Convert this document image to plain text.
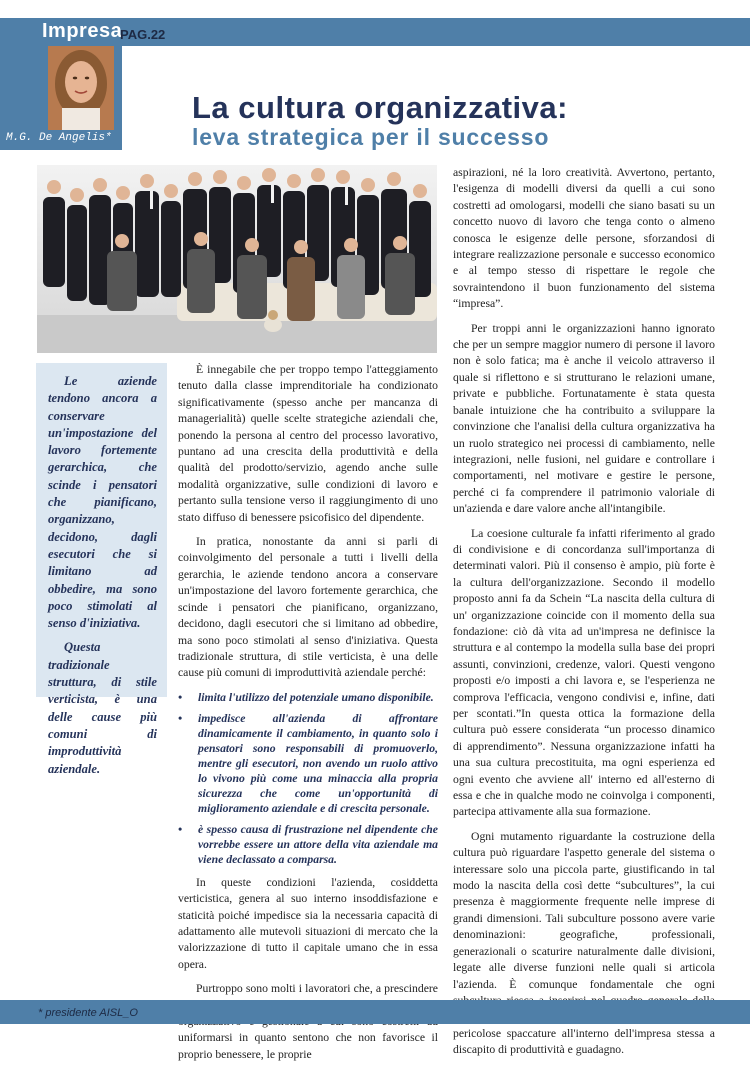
Impresa
PAG.22
M.G. De Angelis*
La cultura organizzativa:
leva strategica per il successo

Le aziende tendono ancora a conservare un'impostazione del lavoro fortemente gerarchica, che scinde i pensatori che pianificano, organizzano, decidono, dagli esecutori che si limitano ad obbedire, ma sono poco stimolati al senso d'iniziativa.

Questa tradizionale struttura, di stile verticista, è una delle cause più comuni di improduttività aziendale.

È innegabile che per troppo tempo l'atteggiamento tenuto dalla classe imprenditoriale ha condizionato significativamente (spesso anche per mancanza di managerialità) quelle scelte strategiche aziendali che, ponendo la persona al centro del processo lavorativo, puntano ad una crescita della produttività e della qualità del prodotto/servizio, agendo anche sulle modalità organizzative, sulle condizioni di lavoro e pertanto sulla tensione verso il raggiungimento di uno stato diffuso di benessere psicofisico del dipendente.

In pratica, nonostante da anni si parli di coinvolgimento del personale a tutti i livelli della gerarchia, le aziende tendono ancora a conservare un'impostazione del lavoro fortemente gerarchica, che scinde i pensatori che pianificano, organizzano, decidono, dagli esecutori che si limitano ad obbedire, ma sono poco stimolati al senso d'iniziativa. Questa tradizionale struttura, di stile verticista, è una delle cause più comuni di improduttività aziendale perché:

• limita l'utilizzo del potenziale umano disponibile.
• impedisce all'azienda di affrontare dinamicamente il cambiamento, in quanto solo i pensatori sono responsabili di promuoverlo, mentre gli esecutori, non avendo un ruolo attivo lo vivono più come una minaccia alla propria sicurezza che come un'opportunità di miglioramento aziendale e di crescita personale.
• è spesso causa di frustrazione nel dipendente che vorrebbe essere un attore della vita aziendale ma viene declassato a comparsa.

In queste condizioni l'azienda, cosiddetta verticistica, genera al suo interno insoddisfazione e staticità poiché impedisce sia la necessaria capacità di adattamento alle mutevoli situazioni di mercato che la valorizzazione di tutto il capitale umano che in essa opera.

Purtroppo sono molti i lavoratori che, a prescindere uniformarsi in quanto sentono che non favorisce il proprio benessere, le proprie

aspirazioni, né la loro creatività. Avvertono, pertanto, l'esigenza di modelli diversi da quelli a cui sono costretti ad omologarsi, modelli che siano basati su un concetto nuovo di lavoro che tenga conto o almeno conosca le esigenze delle persone, sforzandosi di integrare realizzazione personale e successo economico e al tempo stesso di rispettare le regole che sovraintendono il buon funzionamento del sistema “impresa”.

Per troppi anni le organizzazioni hanno ignorato che per un sempre maggior numero di persone il lavoro non è solo fatica; ma è anche il veicolo attraverso il quale si riflettono e si strutturano le relazioni umane, private e pubbliche. Fortunatamente è stata questa banale intuizione che ha contribuito a sviluppare la convinzione che l'analisi della cultura organizzativa ha un ruolo strategico nei processi di cambiamento, nelle integrazioni, nelle fusioni, nel guidare e controllare i comportamenti, nel motivare e gestire le persone, perché ci fa comprendere il patrimonio valoriale di un'azienda e dare valore anche all'intangibile.

La coesione culturale fa infatti riferimento al grado di condivisione e di concordanza sull'importanza di determinati valori. Più il consenso è ampio, più forte è la cultura dell'organizzazione. Secondo il modello proposto anni fa da Schein “La nascita della cultura di un' organizzazione coincide con il momento della sua fondazione: ciò dà vita ad un'impresa ne definisce la struttura e al contempo la modella sulla base dei propri assunti, convinzioni, credenze, valori. Questi vengono proposti e/o imposti a chi lavora e, se l'esperienza ne comprova l'efficacia, vengono condivisi e, infine, dati per scontati.”In questa ottica la formazione della cultura può essere considerata “un processo dinamico di apprendimento”. Nessuna organizzazione infatti ha una sua cultura precostituita, ma ogni esperienza ed ogni evento che avviene all' interno ed all'esterno di essa e che in qualche modo ne coinvolga i componenti, partecipa attivamente alla sua formazione.

Ogni mutamento riguardante la costruzione della cultura può riguardare l'aspetto generale del sistema o interessare solo una piccola parte, giustificando in tal modo la nascita della così dette “subcultures”, la cui presenza è maggiormente frequente nelle imprese di grandi dimensioni. Tali subculture possono avere varie denominazioni: geografiche, professionali, generazionali o scaturire naturalmente dalle divisioni, legate alle diverse funzioni nelle quali si articola l'azienda. È comunque fondamentale che ogni pericolose spaccature all'interno dell'impresa stessa a discapito di produttività e guadagno.

* presidente AISL_O
